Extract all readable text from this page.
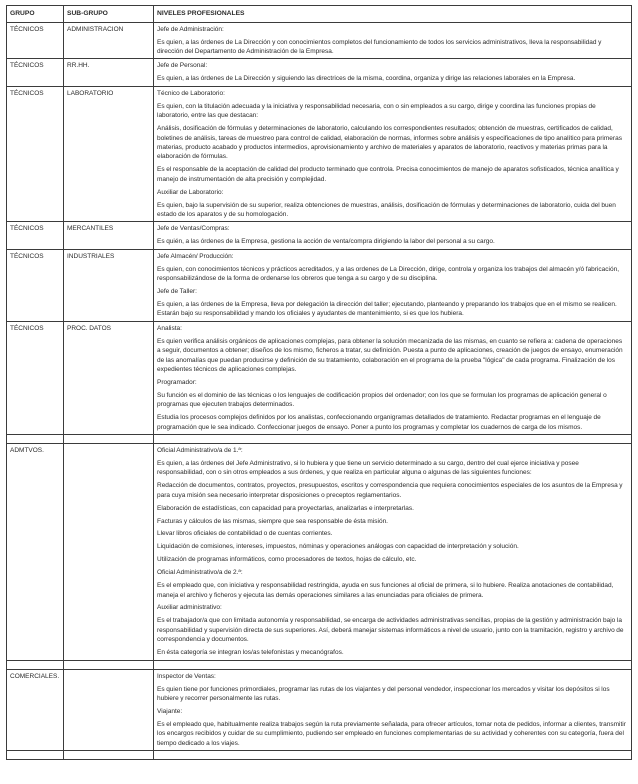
GRUPO	SUB-GRUPO	NIVELES PROFESIONALES
TÉCNICOS	ADMINISTRACION	Jefe de Administración:

Es quien, a las órdenes de La Dirección y con conocimientos completos del funcionamiento de todos los servicios administrativos, lleva la responsabilidad y dirección del Departamento de Administración de la Empresa.

TÉCNICOS	RR.HH.	Jefe de Personal:

Es quien, a las órdenes de La Dirección y siguiendo las directrices de la misma, coordina, organiza y dirige las relaciones laborales en la Empresa.

TÉCNICOS	LABORATORIO	Técnico de Laboratorio:

Es quien, con la titulación adecuada y la iniciativa y responsabilidad necesaria, con o sin empleados a su cargo, dirige y coordina las funciones propias de laboratorio, entre las que destacan:

Análisis, dosificación de fórmulas y determinaciones de laboratorio, calculando los correspondientes resultados; obtención de muestras, certificados de calidad, boletines de análisis, tareas de muestreo para control de calidad, elaboración de normas, informes sobre análisis y especificaciones de tipo analítico para primeras materias, producto acabado y productos intermedios, aprovisionamiento y archivo de materiales y aparatos de laboratorio, reactivos y materias primas para la elaboración de fórmulas.

Es el responsable de la aceptación de calidad del producto terminado que controla. Precisa conocimientos de manejo de aparatos sofisticados, técnica analítica y manejo de instrumentación de alta precisión y complejidad.

Auxiliar de Laboratorio:

Es quien, bajo la supervisión de su superior, realiza obtenciones de muestras, análisis, dosificación de fórmulas y determinaciones de laboratorio, cuida del buen estado de los aparatos y de su homologación.

TÉCNICOS	MERCANTILES	Jefe de Ventas/Compras:

Es quién, a las órdenes de la Empresa, gestiona la acción de venta/compra dirigiendo la labor del personal a su cargo.

TÉCNICOS	INDUSTRIALES	Jefe Almacén/ Producción:

Es quien, con conocimientos técnicos y prácticos acreditados, y a las ordenes de La Dirección, dirige, controla y organiza los trabajos del almacén y/ó fabricación, responsabilizándose de la forma de ordenarse los obreros que tenga a su cargo y de su disciplina.

Jefe de Taller:

Es quien, a las órdenes de la Empresa, lleva por delegación la dirección del taller; ejecutando, planteando y preparando los trabajos que en el mismo se realicen. Estarán bajo su responsabilidad y mando los oficiales y ayudantes de mantenimiento, si es que los hubiera.

TÉCNICOS	PROC. DATOS	Analista:

Es quien verifica análisis orgánicos de aplicaciones complejas, para obtener la solución mecanizada de las mismas, en cuanto se refiera a: cadena de operaciones a seguir, documentos a obtener; diseños de los mismo, ficheros a tratar, su definición. Puesta a punto de aplicaciones, creación de juegos de ensayo, enumeración de las anomalías que puedan producirse y definición de su tratamiento, colaboración en el programa de la prueba "lógica" de cada programa. Finalización de los expedientes técnicos de aplicaciones complejas.

Programador:

Su función es el dominio de las técnicas o los lenguajes de codificación propios del ordenador; con los que se formulan los programas de aplicación general o programas que ejecuten trabajos determinados.

Estudia los procesos complejos definidos por los analistas, confeccionando organigramas detallados de tratamiento. Redactar programas en el lenguaje de programación que le sea indicado. Confeccionar juegos de ensayo. Poner a punto los programas y completar los cuadernos de carga de los mismos.

ADMTVOS.		Oficial Administrativo/a de 1.ª:

Es quien, a las órdenes del Jefe Administrativo, si lo hubiera y que tiene un servicio determinado a su cargo, dentro del cual ejerce iniciativa y posee responsabilidad, con o sin otros empleados a sus órdenes, y que realiza en particular alguna o algunas de las siguientes funciones:

Redacción de documentos, contratos, proyectos, presupuestos, escritos y correspondencia que requiera conocimientos especiales de los asuntos de la Empresa y para cuya misión sea necesario interpretar disposiciones o preceptos reglamentarios.

Elaboración de estadísticas, con capacidad para proyectarlas, analizarlas e interpretarlas.

Facturas y cálculos de las mismas, siempre que sea responsable de ésta misión.

Llevar libros oficiales de contabilidad o de cuentas corrientes.

Liquidación de comisiones, intereses, impuestos, nóminas y operaciones análogas con capacidad de interpretación y solución.

Utilización de programas informáticos, como procesadores de textos, hojas de cálculo, etc.

Oficial Administrativo/a de 2.ª:

Es el empleado que, con iniciativa y responsabilidad restringida, ayuda en sus funciones al oficial de primera, si lo hubiere. Realiza anotaciones de contabilidad, maneja el archivo y ficheros y ejecuta las demás operaciones similares a las enunciadas para oficiales de primera.

Auxiliar administrativo:

Es el trabajador/a que con limitada autonomía y responsabilidad, se encarga de actividades administrativas sencillas, propias de la gestión y administración bajo la responsabilidad y supervisión directa de sus superiores. Así, deberá manejar sistemas informáticos a nivel de usuario, junto con la tramitación, registro y archivo de correspondencia y documentos.

En ésta categoría se integran los/as telefonistas y mecanógrafos.

COMERCIALES.		Inspector de Ventas:

Es quien tiene por funciones primordiales, programar las rutas de los viajantes y del personal vendedor, inspeccionar los mercados y visitar los depósitos si los hubiere y recorrer personalmente las rutas.

Viajante:

Es el empleado que, habitualmente realiza trabajos según la ruta previamente señalada, para ofrecer artículos, tomar nota de pedidos, informar a clientes, transmitir los encargos recibidos y cuidar de su cumplimiento, pudiendo ser empleado en funciones complementarias de su actividad y coherentes con su categoría, fuera del tiempo dedicado a los viajes.
